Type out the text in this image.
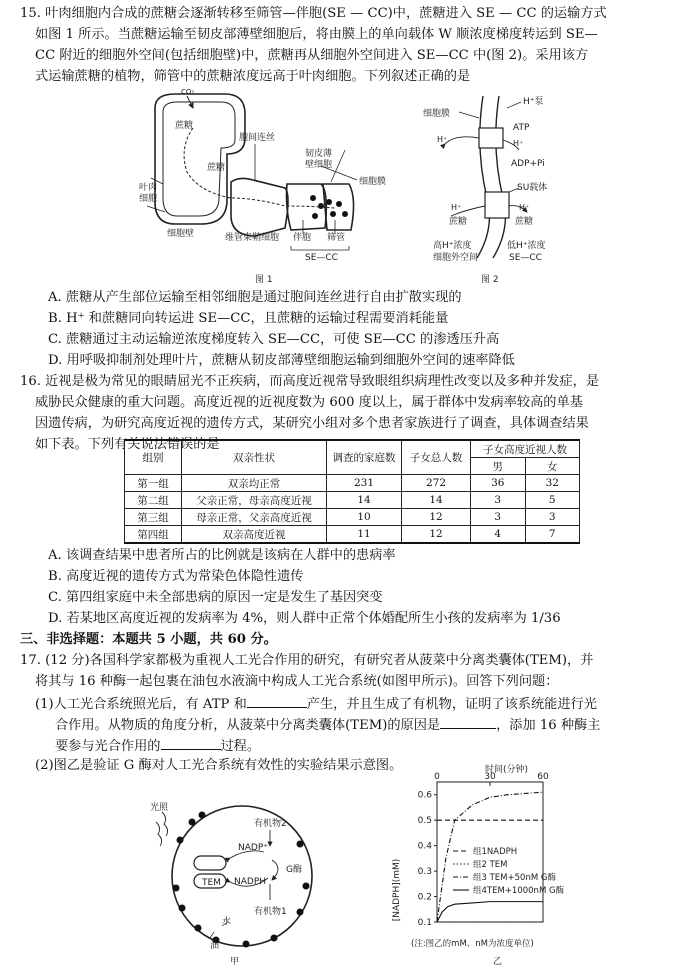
15. 叶肉细胞内合成的蔗糖会逐渐转移至筛管—伴胞(SE — CC)中，蔗糖进入 SE — CC 的运输方式
如图 1 所示。当蔗糖运输至韧皮部薄壁细胞后，将由膜上的单向载体 W 顺浓度梯度转运到 SE—
CC 附近的细胞外空间(包括细胞壁)中，蔗糖再从细胞外空间进入 SE—CC 中(图 2)。采用该方
式运输蔗糖的植物，筛管中的蔗糖浓度远高于叶肉细胞。下列叙述正确的是
CO₂
蔗糖
蔗糖
胞间连丝
韧皮薄
壁细胞
细胞膜
叶肉
细胞
细胞壁	维管束鞘细胞 伴胞 筛管
SE—CC
图 1
细胞膜
H⁺泵
ATP
H⁺	H⁺
ADP+Pi
SU载体
H⁺	H⁺
蔗糖	蔗糖
高H⁺浓度
细胞外空间
低H⁺浓度
SE—CC
图 2
A. 蔗糖从产生部位运输至相邻细胞是通过胞间连丝进行自由扩散实现的
B. H⁺ 和蔗糖同向转运进 SE—CC，且蔗糖的运输过程需要消耗能量
C. 蔗糖通过主动运输逆浓度梯度转入 SE—CC，可使 SE—CC 的渗透压升高
D. 用呼吸抑制剂处理叶片，蔗糖从韧皮部薄壁细胞运输到细胞外空间的速率降低
16. 近视是极为常见的眼睛屈光不正疾病，而高度近视常导致眼组织病理性改变以及多种并发症，是
威胁民众健康的重大问题。高度近视的近视度数为 600 度以上，属于群体中发病率较高的单基
因遗传病，为研究高度近视的遗传方式，某研究小组对多个患者家族进行了调查，具体调查结果
如下表。下列有关说法错误的是
组别	双亲性状	调查的家庭数	子女总人数	子女高度近视人数	
				男	女
第一组	双亲均正常	231	272	36	32
第二组	父亲正常，母亲高度近视	14	14	3	5
第三组	母亲正常，父亲高度近视	10	12	3	3
第四组	双亲高度近视	11	12	4	7
A. 该调查结果中患者所占的比例就是该病在人群中的患病率
B. 高度近视的遗传方式为常染色体隐性遗传
C. 第四组家庭中未全部患病的原因一定是发生了基因突变
D. 若某地区高度近视的发病率为 4%，则人群中正常个体婚配所生小孩的发病率为 1/36
三、非选择题：本题共 5 小题，共 60 分。
17. (12 分)各国科学家都极为重视人工光合作用的研究，有研究者从菠菜中分离类囊体(TEM)，并
将其与 16 种酶一起包裹在油包水液滴中构成人工光合系统(如图甲所示)。回答下列问题：
(1)人工光合系统照光后，有 ATP 和	产生，并且生成了有机物，证明了该系统能进行光
合作用。从物质的角度分析，从菠菜中分离类囊体(TEM)的原因是	，添加 16 种酶主
要参与光合作用的	过程。
(2)图乙是验证 G 酶对人工光合系统有效性的实验结果示意图。
光照
有机物2
NADP⁺
G酶
TEM NADPH
有机物1
水
油
甲
0	30	60
0.1
0.2
0.3
0.4
0.5
0.6
组1NADPH
组2 TEM
组3 TEM+50nM G酶
组4TEM+1000nM G酶
时间(分钟)
[NADPH](mM)
(注:图乙的mM、nM为浓度单位)
乙
